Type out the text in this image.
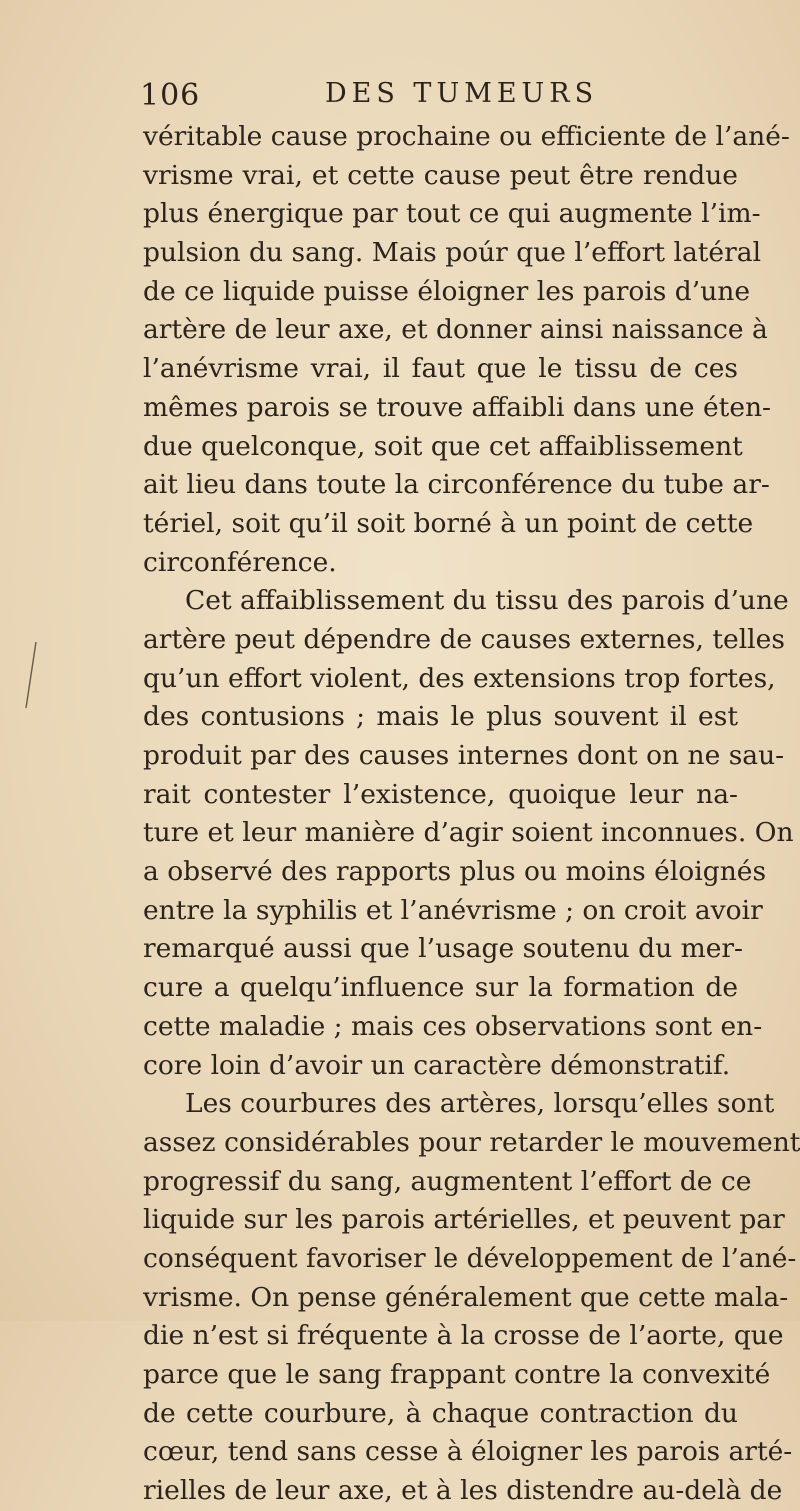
106	DES TUMEURS
véritable cause prochaine ou efficiente de l’ané-
vrisme vrai, et cette cause peut être rendue
plus énergique par tout ce qui augmente l’im-
pulsion du sang. Mais poúr que l’effort latéral
de ce liquide puisse éloigner les parois d’une
artère de leur axe, et donner ainsi naissance à
l’anévrisme vrai, il faut que le tissu de ces
mêmes parois se trouve affaibli dans une éten-
due quelconque, soit que cet affaiblissement
ait lieu dans toute la circonférence du tube ar-
tériel, soit qu’il soit borné à un point de cette
circonférence.
Cet affaiblissement du tissu des parois d’une
artère peut dépendre de causes externes, telles
qu’un effort violent, des extensions trop fortes,
des contusions ; mais le plus souvent il est
produit par des causes internes dont on ne sau-
rait contester l’existence, quoique leur na-
ture et leur manière d’agir soient inconnues. On
a observé des rapports plus ou moins éloignés
entre la syphilis et l’anévrisme ; on croit avoir
remarqué aussi que l’usage soutenu du mer-
cure a quelqu’influence sur la formation de
cette maladie ; mais ces observations sont en-
core loin d’avoir un caractère démonstratif.
Les courbures des artères, lorsqu’elles sont
assez considérables pour retarder le mouvement
progressif du sang, augmentent l’effort de ce
liquide sur les parois artérielles, et peuvent par
conséquent favoriser le développement de l’ané-
vrisme. On pense généralement que cette mala-
die n’est si fréquente à la crosse de l’aorte, que
parce que le sang frappant contre la convexité
de cette courbure, à chaque contraction du
cœur, tend sans cesse à éloigner les parois arté-
rielles de leur axe, et à les distendre au-delà de
